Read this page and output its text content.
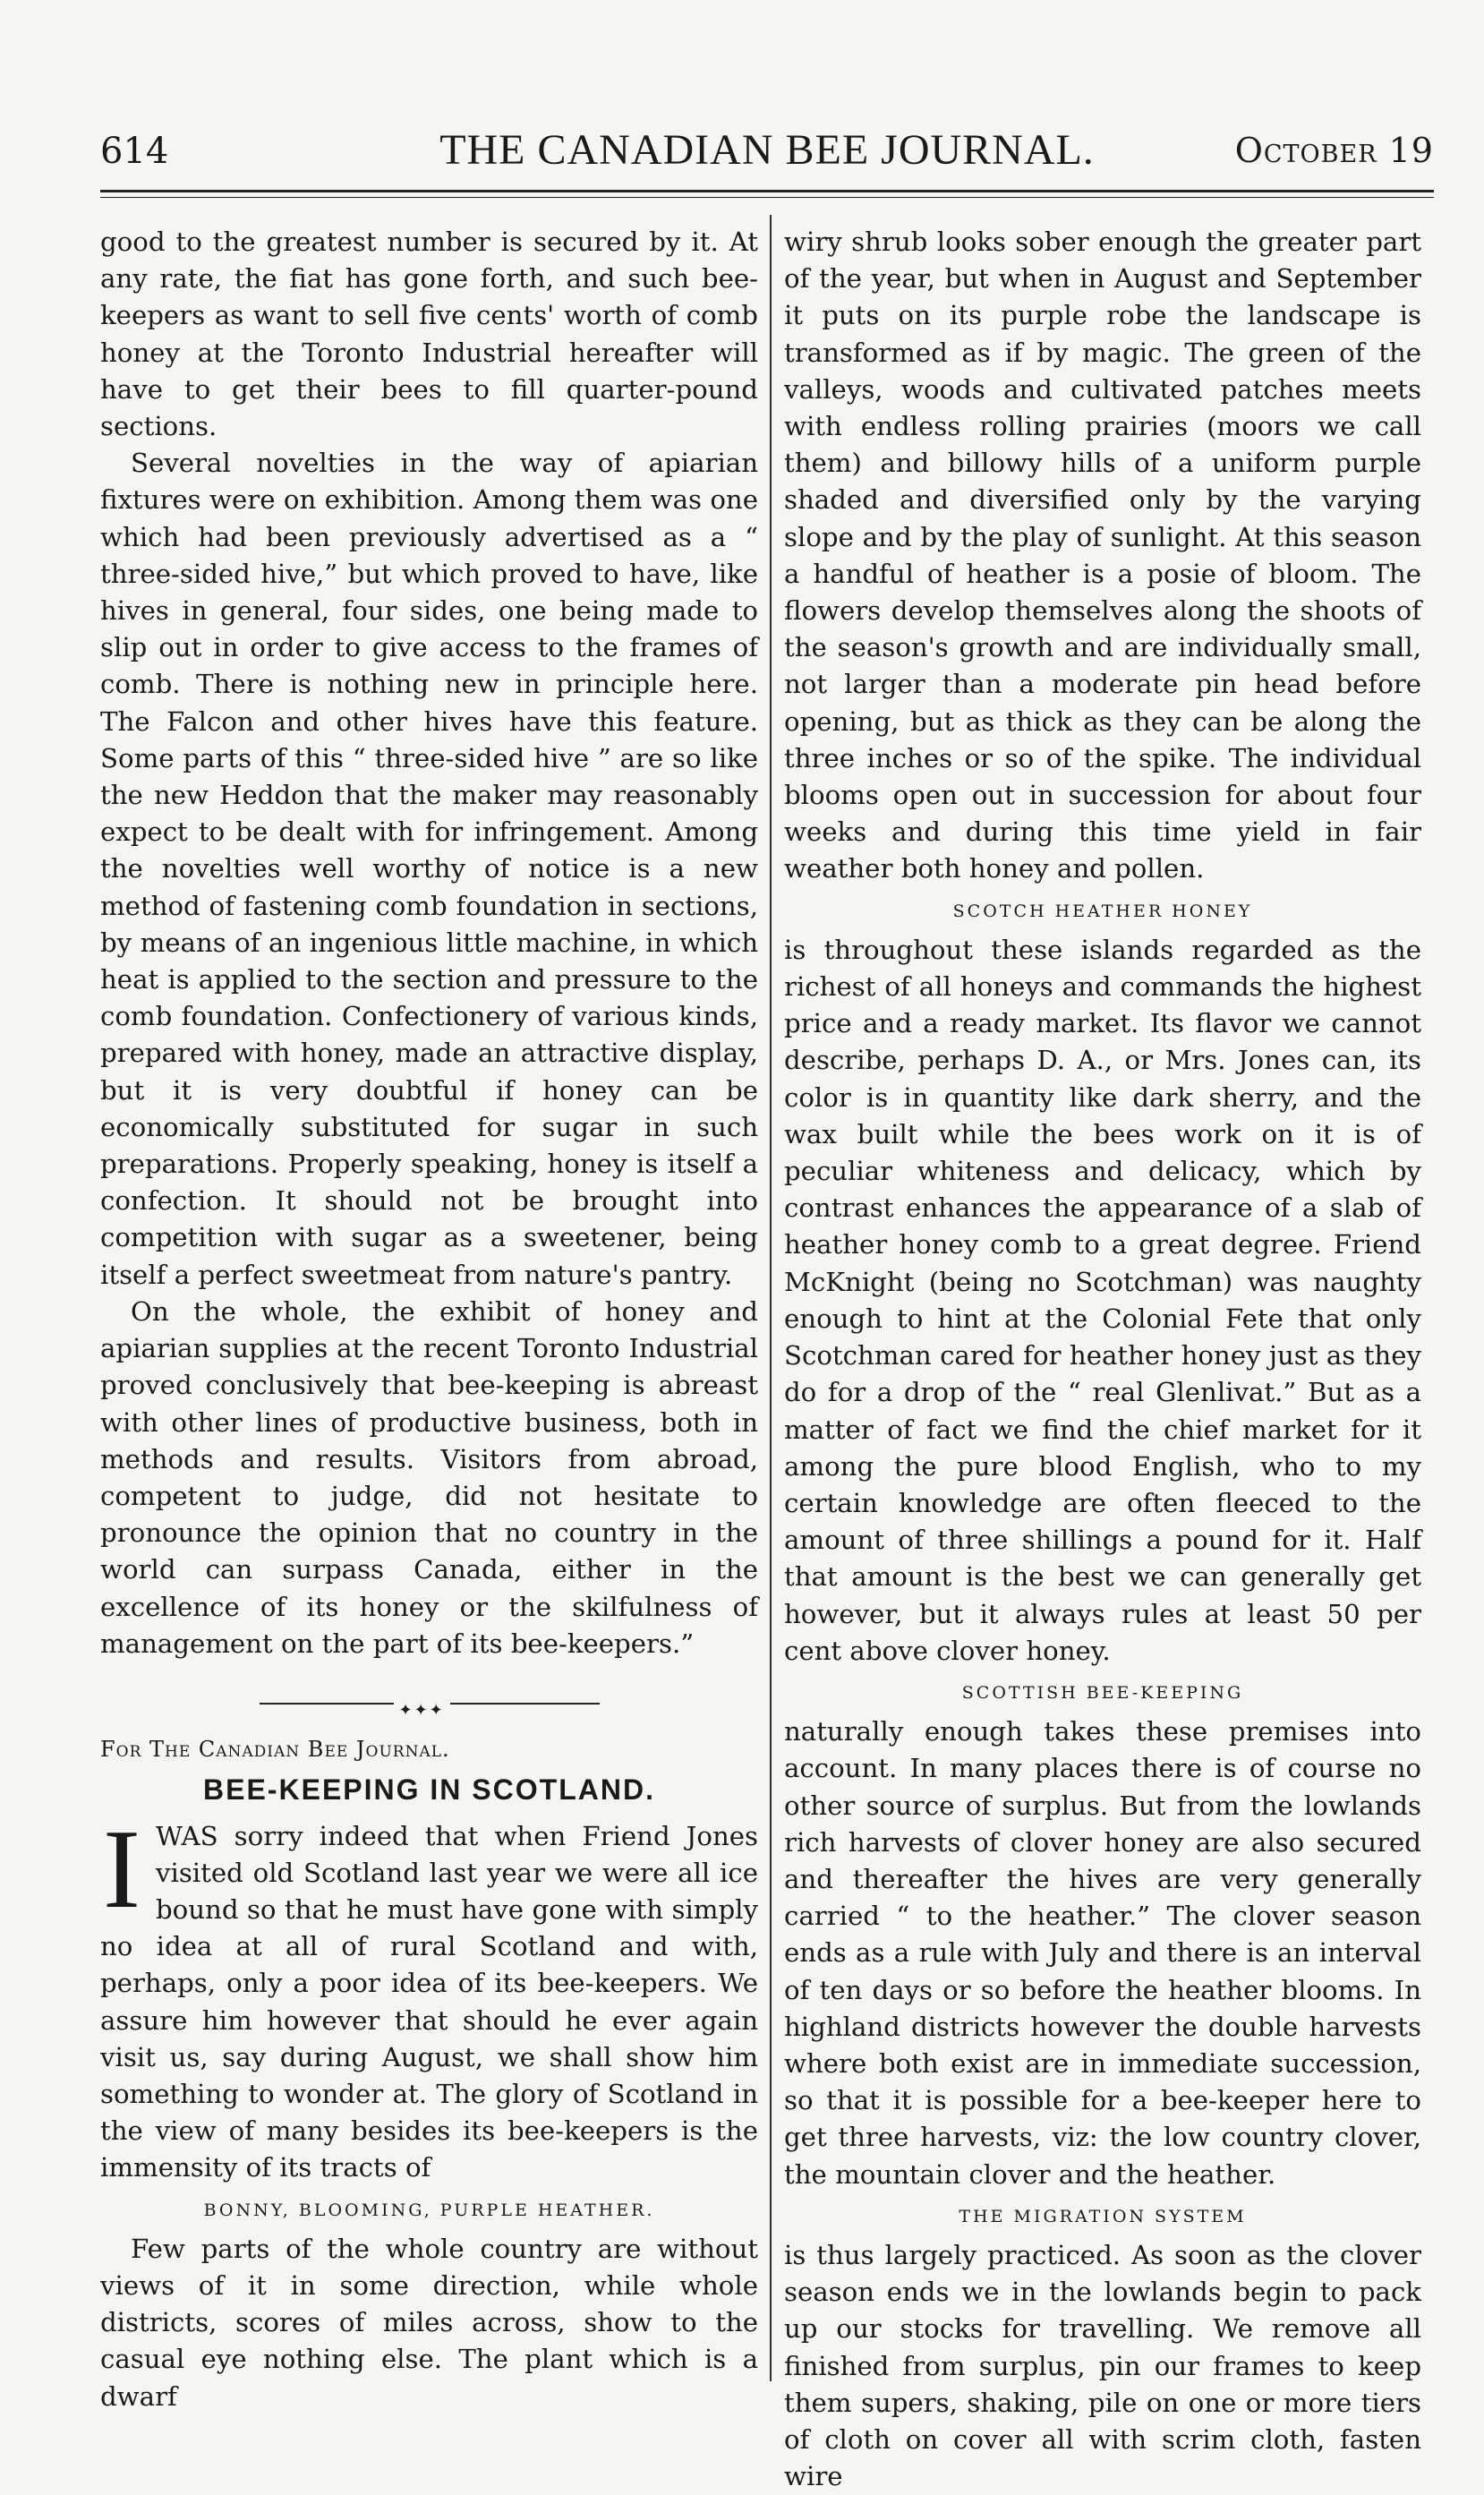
614	THE CANADIAN BEE JOURNAL.	October 19

good to the greatest number is secured by it. At any rate, the fiat has gone forth, and such bee-keepers as want to sell five cents' worth of comb honey at the Toronto Industrial hereafter will have to get their bees to fill quarter-pound sections.

Several novelties in the way of apiarian fixtures were on exhibition. Among them was one which had been previously advertised as a “ three-sided hive,” but which proved to have, like hives in general, four sides, one being made to slip out in order to give access to the frames of comb. There is nothing new in principle here. The Falcon and other hives have this feature. Some parts of this “ three-sided hive ” are so like the new Heddon that the maker may reasonably expect to be dealt with for infringement. Among the novelties well worthy of notice is a new method of fastening comb foundation in sections, by means of an ingenious little machine, in which heat is applied to the section and pressure to the comb foundation. Confectionery of various kinds, prepared with honey, made an attractive display, but it is very doubtful if honey can be economically substituted for sugar in such preparations. Properly speaking, honey is itself a confection. It should not be brought into competition with sugar as a sweetener, being itself a perfect sweetmeat from nature's pantry.

On the whole, the exhibit of honey and apiarian supplies at the recent Toronto Industrial proved conclusively that bee-keeping is abreast with other lines of productive business, both in methods and results. Visitors from abroad, competent to judge, did not hesitate to pronounce the opinion that no country in the world can surpass Canada, either in the excellence of its honey or the skilfulness of management on the part of its bee-keepers.”

✦✦✦
For The Canadian Bee Journal.
BEE-KEEPING IN SCOTLAND.

IWAS sorry indeed that when Friend Jones visited old Scotland last year we were all ice bound so that he must have gone with simply no idea at all of rural Scotland and with, perhaps, only a poor idea of its bee-keepers. We assure him however that should he ever again visit us, say during August, we shall show him something to wonder at. The glory of Scotland in the view of many besides its bee-keepers is the immensity of its tracts of

BONNY, BLOOMING, PURPLE HEATHER.

Few parts of the whole country are without views of it in some direction, while whole districts, scores of miles across, show to the casual eye nothing else. The plant which is a dwarf

wiry shrub looks sober enough the greater part of the year, but when in August and September it puts on its purple robe the landscape is transformed as if by magic. The green of the valleys, woods and cultivated patches meets with endless rolling prairies (moors we call them) and billowy hills of a uniform purple shaded and diversified only by the varying slope and by the play of sunlight. At this season a handful of heather is a posie of bloom. The flowers develop themselves along the shoots of the season's growth and are individually small, not larger than a moderate pin head before opening, but as thick as they can be along the three inches or so of the spike. The individual blooms open out in succession for about four weeks and during this time yield in fair weather both honey and pollen.

SCOTCH HEATHER HONEY

is throughout these islands regarded as the richest of all honeys and commands the highest price and a ready market. Its flavor we cannot describe, perhaps D. A., or Mrs. Jones can, its color is in quantity like dark sherry, and the wax built while the bees work on it is of peculiar whiteness and delicacy, which by contrast enhances the appearance of a slab of heather honey comb to a great degree. Friend McKnight (being no Scotchman) was naughty enough to hint at the Colonial Fete that only Scotchman cared for heather honey just as they do for a drop of the “ real Glenlivat.” But as a matter of fact we find the chief market for it among the pure blood English, who to my certain knowledge are often fleeced to the amount of three shillings a pound for it. Half that amount is the best we can generally get however, but it always rules at least 50 per cent above clover honey.

SCOTTISH BEE-KEEPING

naturally enough takes these premises into account. In many places there is of course no other source of surplus. But from the lowlands rich harvests of clover honey are also secured and thereafter the hives are very generally carried “ to the heather.” The clover season ends as a rule with July and there is an interval of ten days or so before the heather blooms. In highland districts however the double harvests where both exist are in immediate succession, so that it is possible for a bee-keeper here to get three harvests, viz: the low country clover, the mountain clover and the heather.

THE MIGRATION SYSTEM

is thus largely practiced. As soon as the clover season ends we in the lowlands begin to pack up our stocks for travelling. We remove all finished from surplus, pin our frames to keep them supers, shaking, pile on one or more tiers of cloth on cover all with scrim cloth, fasten wire
